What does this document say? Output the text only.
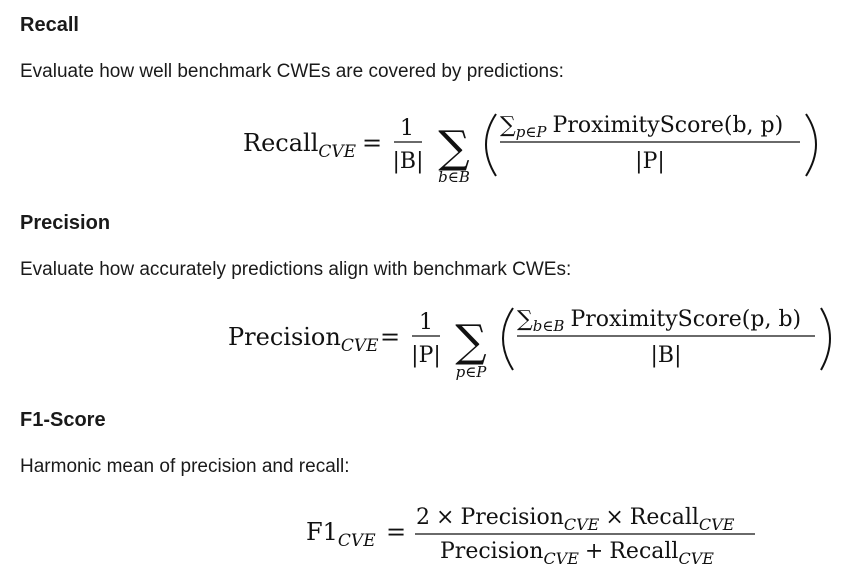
Recall

Evaluate how well benchmark CWEs are covered by predictions:

Recall$_{CVE}$ =
1
|B| ∑
b∈B
$\sum_{p\in P}$ ProximityScore(b, p)
|P|
Precision

Evaluate how accurately predictions align with benchmark CWEs:

Precision$_{CVE}$ =
1
|P| ∑
p∈P
$\sum_{b\in B}$ ProximityScore(p, b)
|B|
F1-Score

Harmonic mean of precision and recall:

$F1_{CVE}$ =
2 × Precision$_{CVE}$ × Recall$_{CVE}$
Precision$_{CVE}$ + Recall$_{CVE}$
